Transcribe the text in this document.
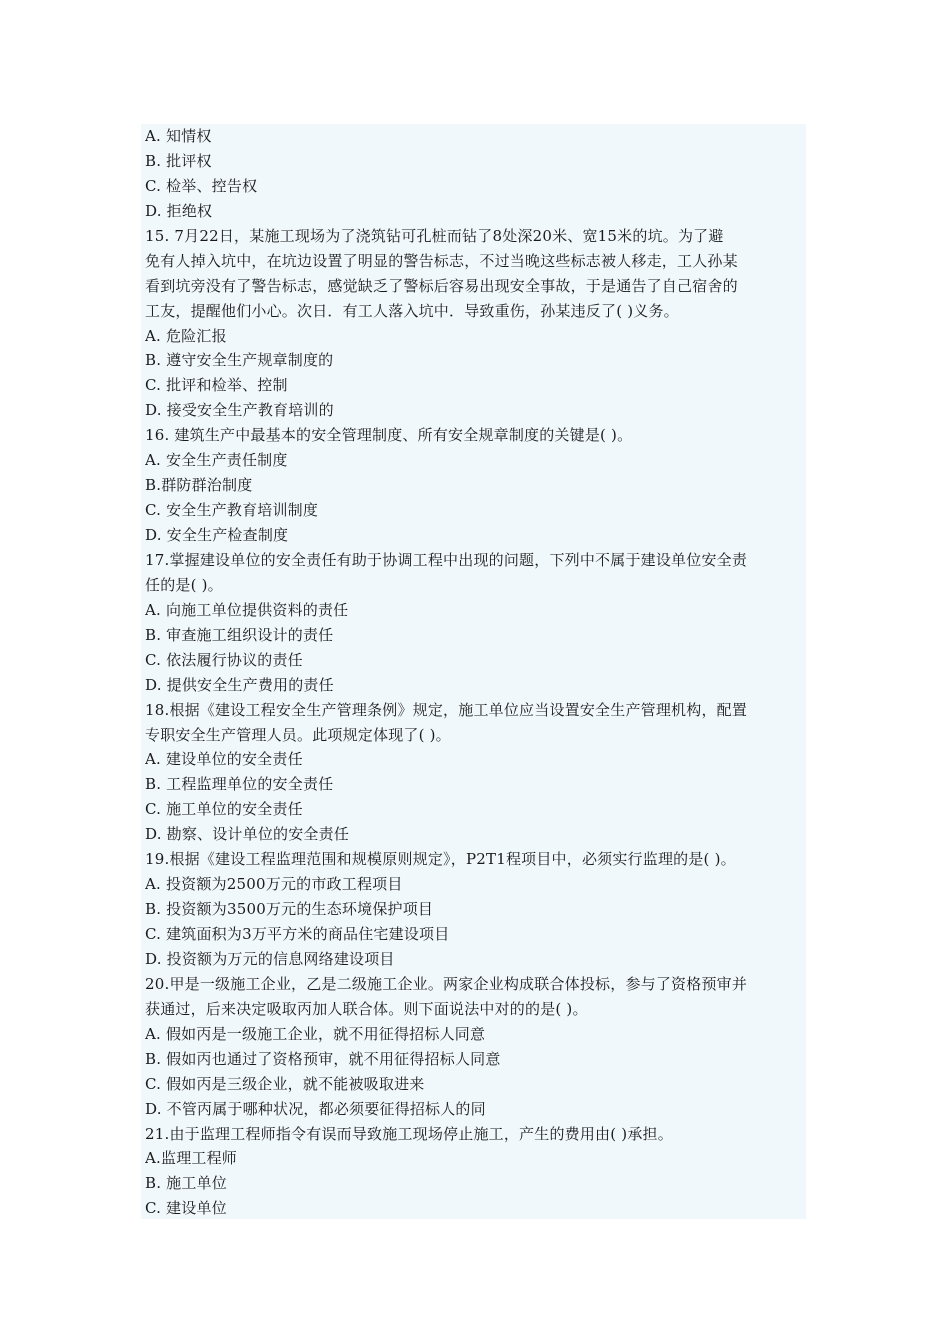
A. 知情权
B. 批评权
C. 检举、控告权
D. 拒绝权
15. 7月22日，某施工现场为了浇筑钻可孔桩而钻了8处深20米、宽15米的坑。为了避
免有人掉入坑中，在坑边设置了明显的警告标志，不过当晚这些标志被人移走，工人孙某
看到坑旁没有了警告标志，感觉缺乏了警标后容易出现安全事故，于是通告了自己宿舍的
工友，提醒他们小心。次日．有工人落入坑中．导致重伤，孙某违反了( )义务。
A. 危险汇报
B. 遵守安全生产规章制度的
C. 批评和检举、控制
D. 接受安全生产教育培训的
16. 建筑生产中最基本的安全管理制度、所有安全规章制度的关键是( )。
A. 安全生产责任制度
B.群防群治制度
C. 安全生产教育培训制度
D. 安全生产检查制度
17.掌握建设单位的安全责任有助于协调工程中出现的问题，下列中不属于建设单位安全责
任的是( )。
A. 向施工单位提供资料的责任
B. 审查施工组织设计的责任
C. 依法履行协议的责任
D. 提供安全生产费用的责任
18.根据《建设工程安全生产管理条例》规定，施工单位应当设置安全生产管理机构，配置
专职安全生产管理人员。此项规定体现了( )。
A. 建设单位的安全责任
B. 工程监理单位的安全责任
C. 施工单位的安全责任
D. 勘察、设计单位的安全责任
19.根据《建设工程监理范围和规模原则规定》，P2T1程项目中，必须实行监理的是( )。
A. 投资额为2500万元的市政工程项目
B. 投资额为3500万元的生态环境保护项目
C. 建筑面积为3万平方米的商品住宅建设项目
D. 投资额为万元的信息网络建设项目
20.甲是一级施工企业，乙是二级施工企业。两家企业构成联合体投标，参与了资格预审并
获通过，后来决定吸取丙加人联合体。则下面说法中对的的是( )。
A. 假如丙是一级施工企业，就不用征得招标人同意
B. 假如丙也通过了资格预审，就不用征得招标人同意
C. 假如丙是三级企业，就不能被吸取进来
D. 不管丙属于哪种状况，都必须要征得招标人的同
21.由于监理工程师指令有误而导致施工现场停止施工，产生的费用由( )承担。
A.监理工程师
B. 施工单位
C. 建设单位
